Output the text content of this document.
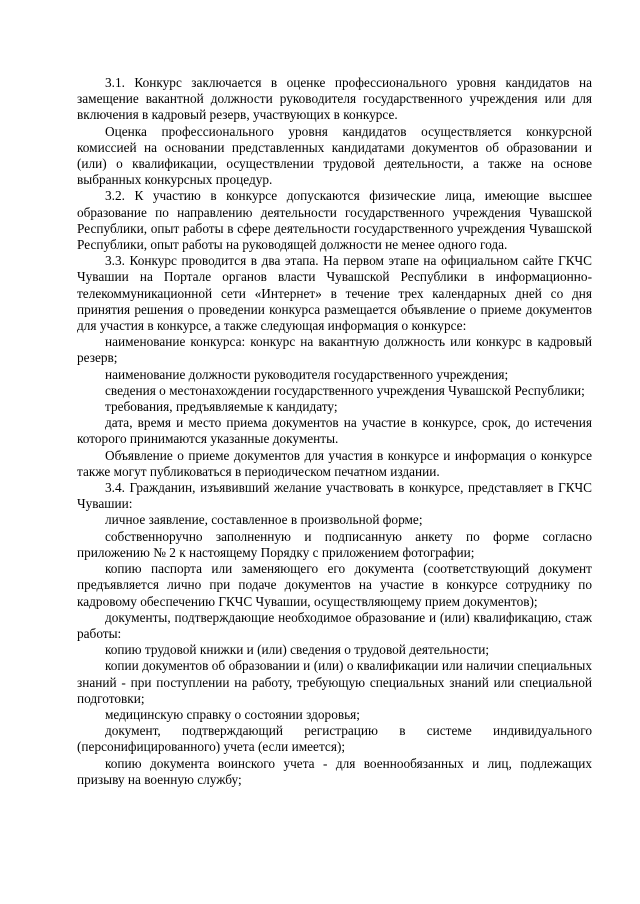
3.1. Конкурс заключается в оценке профессионального уровня кандидатов на замещение вакантной должности руководителя государственного учреждения или для включения в кадровый резерв, участвующих в конкурсе.

Оценка профессионального уровня кандидатов осуществляется конкурсной комиссией на основании представленных кандидатами документов об образовании и (или) о квалификации, осуществлении трудовой деятельности, а также на основе выбранных конкурсных процедур.

3.2. К участию в конкурсе допускаются физические лица, имеющие высшее образование по направлению деятельности государственного учреждения Чувашской Республики, опыт работы в сфере деятельности государственного учреждения Чувашской Республики, опыт работы на руководящей должности не менее одного года.

3.3. Конкурс проводится в два этапа. На первом этапе на официальном сайте ГКЧС Чувашии на Портале органов власти Чувашской Республики в информационно-телекоммуникационной сети «Интернет» в течение трех календарных дней со дня принятия решения о проведении конкурса размещается объявление о приеме документов для участия в конкурсе, а также следующая информация о конкурсе:

наименование конкурса: конкурс на вакантную должность или конкурс в кадровый резерв;

наименование должности руководителя государственного учреждения;

сведения о местонахождении государственного учреждения Чувашской Республики;

требования, предъявляемые к кандидату;

дата, время и место приема документов на участие в конкурсе, срок, до истечения которого принимаются указанные документы.

Объявление о приеме документов для участия в конкурсе и информация о конкурсе также могут публиковаться в периодическом печатном издании.

3.4. Гражданин, изъявивший желание участвовать в конкурсе, представляет в ГКЧС Чувашии:

личное заявление, составленное в произвольной форме;

собственноручно заполненную и подписанную анкету по форме согласно приложению № 2 к настоящему Порядку с приложением фотографии;

копию паспорта или заменяющего его документа (соответствующий документ предъявляется лично при подаче документов на участие в конкурсе сотруднику по кадровому обеспечению ГКЧС Чувашии, осуществляющему прием документов);

документы, подтверждающие необходимое образование и (или) квалификацию, стаж работы:

копию трудовой книжки и (или) сведения о трудовой деятельности;

копии документов об образовании и (или) о квалификации или наличии специальных знаний - при поступлении на работу, требующую специальных знаний или специальной подготовки;

медицинскую справку о состоянии здоровья;

документ, подтверждающий регистрацию в системе индивидуального (персонифицированного) учета (если имеется);

копию документа воинского учета - для военнообязанных и лиц, подлежащих призыву на военную службу;
